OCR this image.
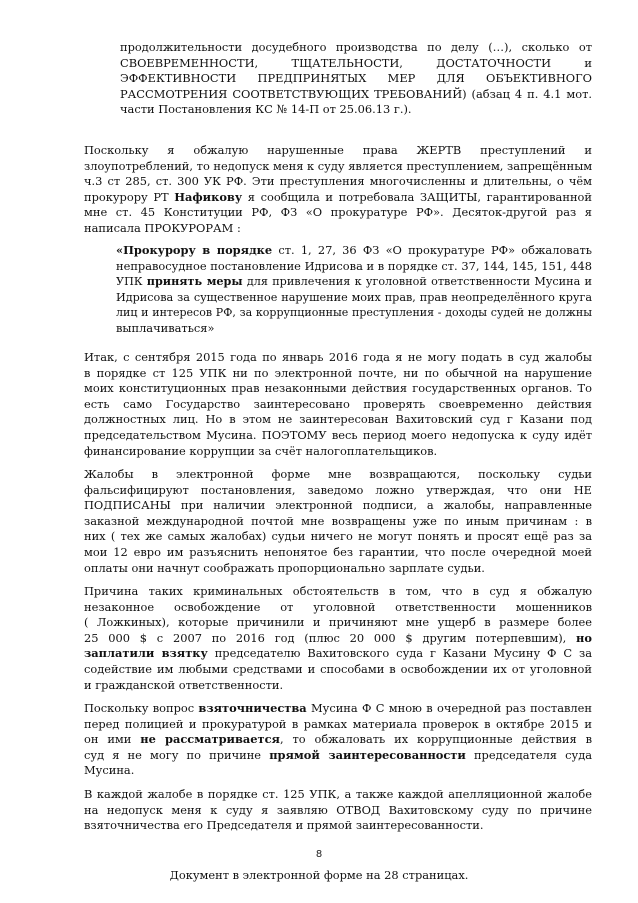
продолжительности досудебного производства по делу (…), сколько от
СВОЕВРЕМЕННОСТИ, ТЩАТЕЛЬНОСТИ, ДОСТАТОЧНОСТИ и
ЭФФЕКТИВНОСТИ ПРЕДПРИНЯТЫХ МЕР ДЛЯ ОБЪЕКТИВНОГО
РАССМОТРЕНИЯ СООТВЕТСТВУЮЩИХ ТРЕБОВАНИЙ) (абзац 4 п. 4.1 мот.
части Постановления КС № 14-П от 25.06.13 г.).
Поскольку я обжалую нарушенные права ЖЕРТВ преступлений и
злоупотреблений, то недопуск меня к суду является преступлением, запрещённым
ч.3 ст 285, ст. 300 УК РФ. Эти преступления многочисленны и длительны, о чём
прокурору РТ Нафикову я сообщила и потребовала ЗАЩИТЫ, гарантированной
мне ст. 45 Конституции РФ, ФЗ «О прокуратуре РФ». Десяток-другой раз я
написала ПРОКУРОРАМ :
«Прокурору в порядке ст. 1, 27, 36 ФЗ «О прокуратуре РФ» обжаловать
неправосудное постановление Идрисова и в порядке ст. 37, 144, 145, 151, 448
УПК принять меры для привлечения к уголовной ответственности Мусина и
Идрисова за существенное нарушение моих прав, прав неопределённого круга
лиц и интересов РФ, за коррупционные преступления - доходы судей не должны
выплачиваться»
Итак, с сентября 2015 года по январь 2016 года я не могу подать в суд жалобы
в порядке ст 125 УПК ни по электронной почте, ни по обычной на нарушение
моих конституционных прав незаконными действия государственных органов. То
есть само Государство заинтересовано проверять своевременно действия
должностных лиц. Но в этом не заинтересован Вахитовский суд г Казани под
председательством Мусина. ПОЭТОМУ весь период моего недопуска к суду идёт
финансирование коррупции за счёт налогоплательщиков.
Жалобы в электронной форме мне возвращаются, поскольку судьи
фальсифицируют постановления, заведомо ложно утверждая, что они НЕ
ПОДПИСАНЫ при наличии электронной подписи, а жалобы, направленные
заказной международной почтой мне возвращены уже по иным причинам : в
них ( тех же самых жалобах) судьи ничего не могут понять и просят ещё раз за
мои 12 евро им разъяснить непонятое без гарантии, что после очередной моей
оплаты они начнут соображать пропорционально зарплате судьи.
Причина таких криминальных обстоятельств в том, что в суд я обжалую
незаконное освобождение от уголовной ответственности мошенников
( Ложкиных), которые причинили и причиняют мне ущерб в размере более
25 000 $ с 2007 по 2016 год (плюс 20 000 $ другим потерпевшим), но
заплатили взятку председателю Вахитовского суда г Казани Мусину Ф С за
содействие им любыми средствами и способами в освобождении их от уголовной
и гражданской ответственности.
Поскольку вопрос взяточничества Мусина Ф С мною в очередной раз поставлен
перед полицией и прокуратурой в рамках материала проверок в октябре 2015 и
он ими не рассматривается, то обжаловать их коррупционные действия в
суд я не могу по причине прямой заинтересованности председателя суда
Мусина.
В каждой жалобе в порядке ст. 125 УПК, а также каждой апелляционной жалобе
на недопуск меня к суду я заявляю ОТВОД Вахитовскому суду по причине
взяточничества его Председателя и прямой заинтересованности.
8
Документ в электронной форме на 28 страницах.
